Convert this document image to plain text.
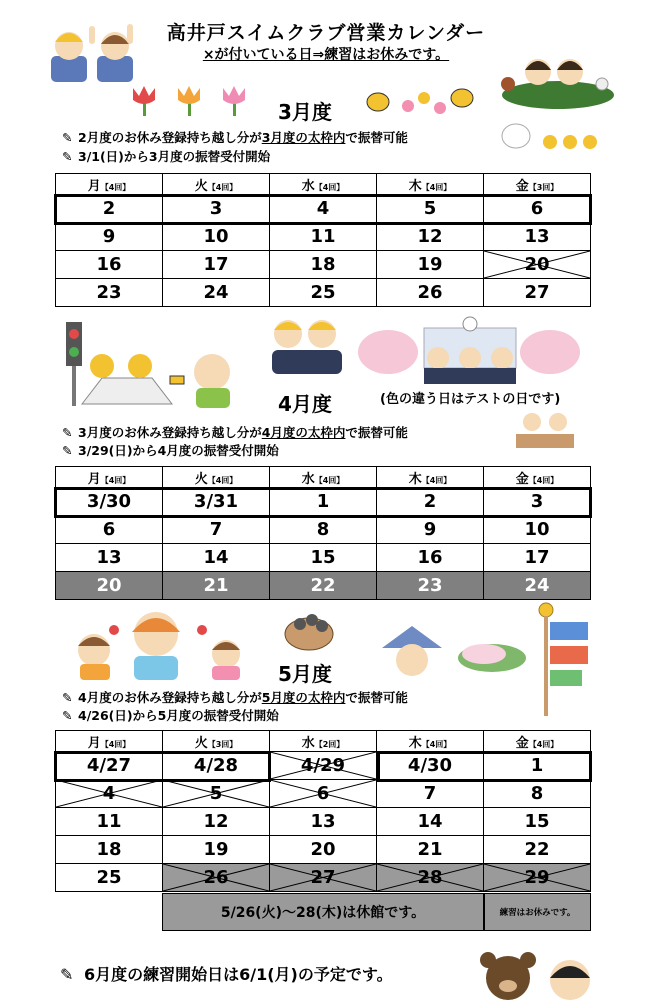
高井戸スイムクラブ営業カレンダー
×が付いている日⇒練習はお休みです。
3月度
✎ 2月度のお休み登録持ち越し分が3月度の太枠内で振替可能
✎ 3/1(日)から3月度の振替受付開始
月【4回】	火【4回】	水【4回】	木【4回】	金【3回】
2	3	4	5	6
9	10	11	12	13
16	17	18	19	20
23	24	25	26	27
4月度	(色の違う日はテストの日です)
✎ 3月度のお休み登録持ち越し分が4月度の太枠内で振替可能
✎ 3/29(日)から4月度の振替受付開始
月【4回】	火【4回】	水【4回】	木【4回】	金【4回】
3/30	3/31	1	2	3
6	7	8	9	10
13	14	15	16	17
20	21	22	23	24
5月度
✎ 4月度のお休み登録持ち越し分が5月度の太枠内で振替可能
✎ 4/26(日)から5月度の振替受付開始
月【4回】	火【3回】	水【2回】	木【4回】	金【4回】
4/27	4/28	4/29	4/30	1

4	5	6	7	8
11	12	13	14	15
18	19	20	21	22
25	26	27	28	29
5/26(火)〜28(木)は休館です。	練習はお休みです。
✎ 6月度の練習開始日は6/1(月)の予定です。
